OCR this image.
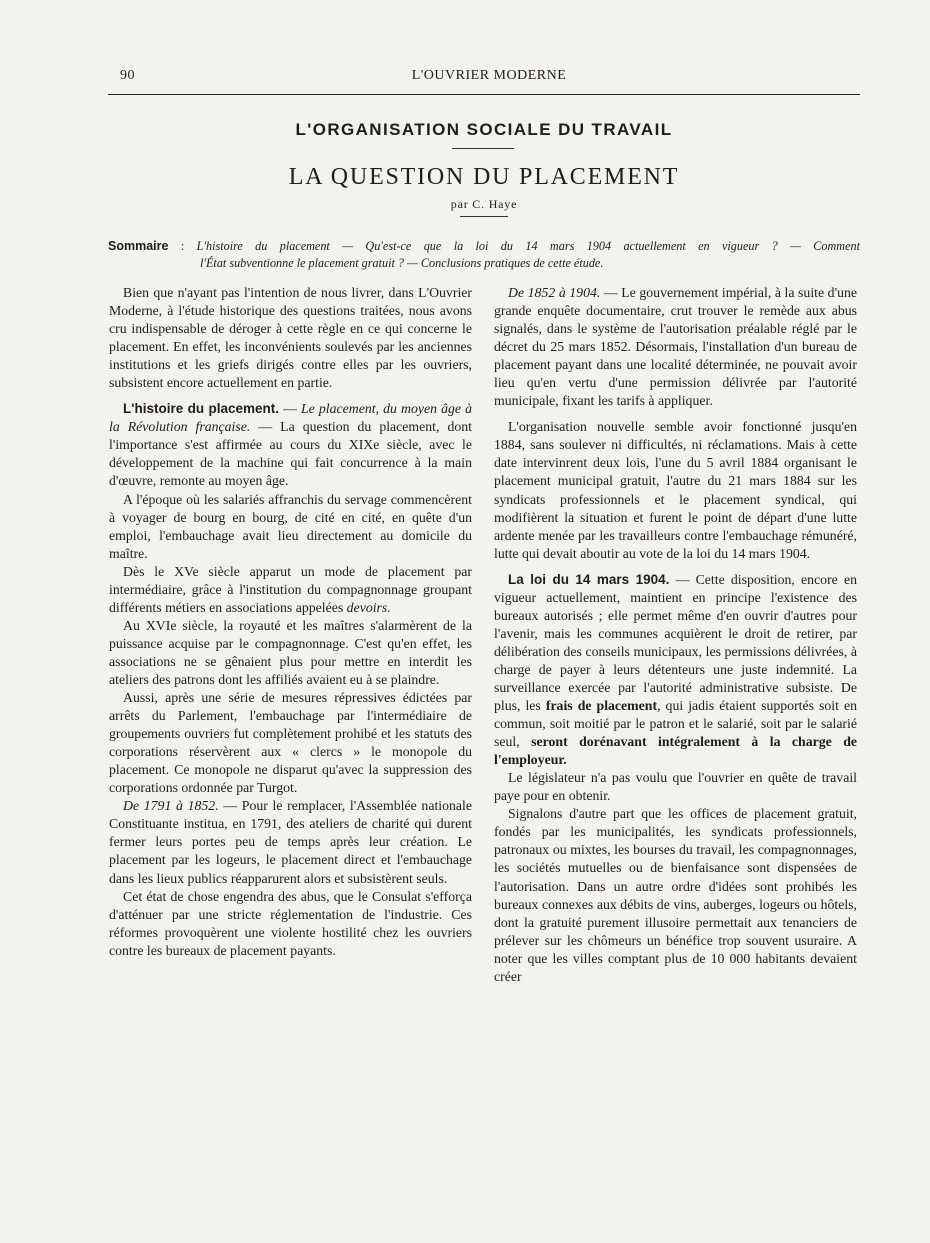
90	L'OUVRIER MODERNE
L'ORGANISATION SOCIALE DU TRAVAIL
LA QUESTION DU PLACEMENT
par C. Haye
Sommaire : L'histoire du placement — Qu'est-ce que la loi du 14 mars 1904 actuellement en vigueur ? — Comment
l'État subventionne le placement gratuit ? — Conclusions pratiques de cette étude.

Bien que n'ayant pas l'intention de nous livrer, dans L'Ouvrier Moderne, à l'étude historique des questions traitées, nous avons cru indispensable de déroger à cette règle en ce qui concerne le placement. En effet, les inconvénients soulevés par les anciennes institutions et les griefs dirigés contre elles par les ouvriers, subsistent encore actuellement en partie.

L'histoire du placement. — Le placement, du moyen âge à la Révolution française. — La question du placement, dont l'importance s'est affirmée au cours du XIXe siècle, avec le développement de la machine qui fait concurrence à la main d'œuvre, remonte au moyen âge.

A l'époque où les salariés affranchis du servage commencèrent à voyager de bourg en bourg, de cité en cité, en quête d'un emploi, l'embauchage avait lieu directement au domicile du maître.

Dès le XVe siècle apparut un mode de placement par intermédiaire, grâce à l'institution du compagnonnage groupant différents métiers en associations appelées devoirs.

Au XVIe siècle, la royauté et les maîtres s'alarmèrent de la puissance acquise par le compagnonnage. C'est qu'en effet, les associations ne se gênaient plus pour mettre en interdit les ateliers des patrons dont les affiliés avaient eu à se plaindre.

Aussi, après une série de mesures répressives édictées par arrêts du Parlement, l'embauchage par l'intermédiaire de groupements ouvriers fut complètement prohibé et les statuts des corporations réservèrent aux « clercs » le monopole du placement. Ce monopole ne disparut qu'avec la suppression des corporations ordonnée par Turgot.

De 1791 à 1852. — Pour le remplacer, l'Assemblée nationale Constituante institua, en 1791, des ateliers de charité qui durent fermer leurs portes peu de temps après leur création. Le placement par les logeurs, le placement direct et l'embauchage dans les lieux publics réapparurent alors et subsistèrent seuls.

Cet état de chose engendra des abus, que le Consulat s'efforça d'atténuer par une stricte réglementation de l'industrie. Ces réformes provoquèrent une violente hostilité chez les ouvriers contre les bureaux de placement payants.

De 1852 à 1904. — Le gouvernement impérial, à la suite d'une grande enquête documentaire, crut trouver le remède aux abus signalés, dans le système de l'autorisation préalable réglé par le décret du 25 mars 1852. Désormais, l'installation d'un bureau de placement payant dans une localité déterminée, ne pouvait avoir lieu qu'en vertu d'une permission délivrée par l'autorité municipale, fixant les tarifs à appliquer.

L'organisation nouvelle semble avoir fonctionné jusqu'en 1884, sans soulever ni difficultés, ni réclamations. Mais à cette date intervinrent deux lois, l'une du 5 avril 1884 organisant le placement municipal gratuit, l'autre du 21 mars 1884 sur les syndicats professionnels et le placement syndical, qui modifièrent la situation et furent le point de départ d'une lutte ardente menée par les travailleurs contre l'embauchage rémunéré, lutte qui devait aboutir au vote de la loi du 14 mars 1904.

La loi du 14 mars 1904. — Cette disposition, encore en vigueur actuellement, maintient en principe l'existence des bureaux autorisés ; elle permet même d'en ouvrir d'autres pour l'avenir, mais les communes acquièrent le droit de retirer, par délibération des conseils municipaux, les permissions délivrées, à charge de payer à leurs détenteurs une juste indemnité. La surveillance exercée par l'autorité administrative subsiste. De plus, les frais de placement, qui jadis étaient supportés soit en commun, soit moitié par le patron et le salarié, soit par le salarié seul, seront dorénavant intégralement à la charge de l'employeur.

Le législateur n'a pas voulu que l'ouvrier en quête de travail paye pour en obtenir.

Signalons d'autre part que les offices de placement gratuit, fondés par les municipalités, les syndicats professionnels, patronaux ou mixtes, les bourses du travail, les compagnonnages, les sociétés mutuelles ou de bienfaisance sont dispensées de l'autorisation. Dans un autre ordre d'idées sont prohibés les bureaux connexes aux débits de vins, auberges, logeurs ou hôtels, dont la gratuité purement illusoire permettait aux tenanciers de prélever sur les chômeurs un bénéfice trop souvent usuraire. A noter que les villes comptant plus de 10 000 habitants devaient créer
